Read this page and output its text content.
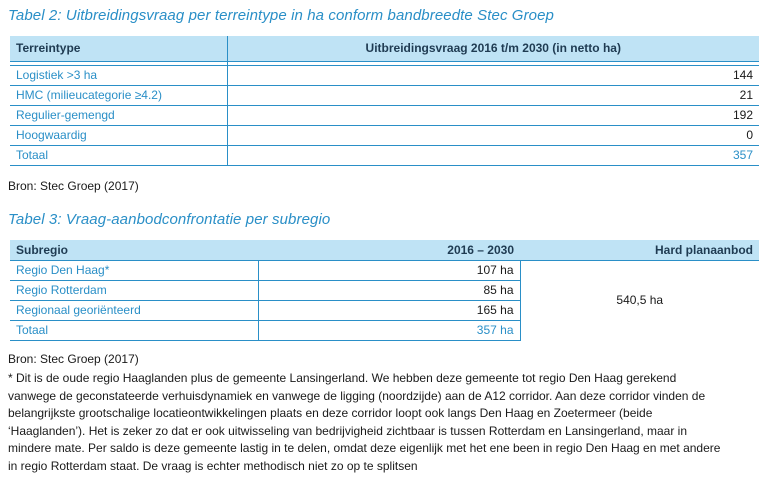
Tabel 2: Uitbreidingsvraag per terreintype in ha conform bandbreedte Stec Groep
Terreintype	Uitbreidingsvraag 2016 t/m 2030 (in netto ha)

Logistiek >3 ha	144
HMC (milieucategorie ≥4.2)	21
Regulier-gemengd	192
Hoogwaardig	0
Totaal	357
Bron: Stec Groep (2017)
Tabel 3: Vraag-aanbodconfrontatie per subregio
Subregio	2016 – 2030	Hard planaanbod
Regio Den Haag*	107 ha	540,5 ha
Regio Rotterdam	85 ha	
Regionaal georiënteerd	165 ha	
Totaal	357 ha	
Bron: Stec Groep (2017)
* Dit is de oude regio Haaglanden plus de gemeente Lansingerland. We hebben deze gemeente tot regio Den Haag gerekend
vanwege de geconstateerde verhuisdynamiek en vanwege de ligging (noordzijde) aan de A12 corridor. Aan deze corridor vinden de
belangrijkste grootschalige locatieontwikkelingen plaats en deze corridor loopt ook langs Den Haag en Zoetermeer (beide
‘Haaglanden’). Het is zeker zo dat er ook uitwisseling van bedrijvigheid zichtbaar is tussen Rotterdam en Lansingerland, maar in
mindere mate. Per saldo is deze gemeente lastig in te delen, omdat deze eigenlijk met het ene been in regio Den Haag en met andere
in regio Rotterdam staat. De vraag is echter methodisch niet zo op te splitsen
